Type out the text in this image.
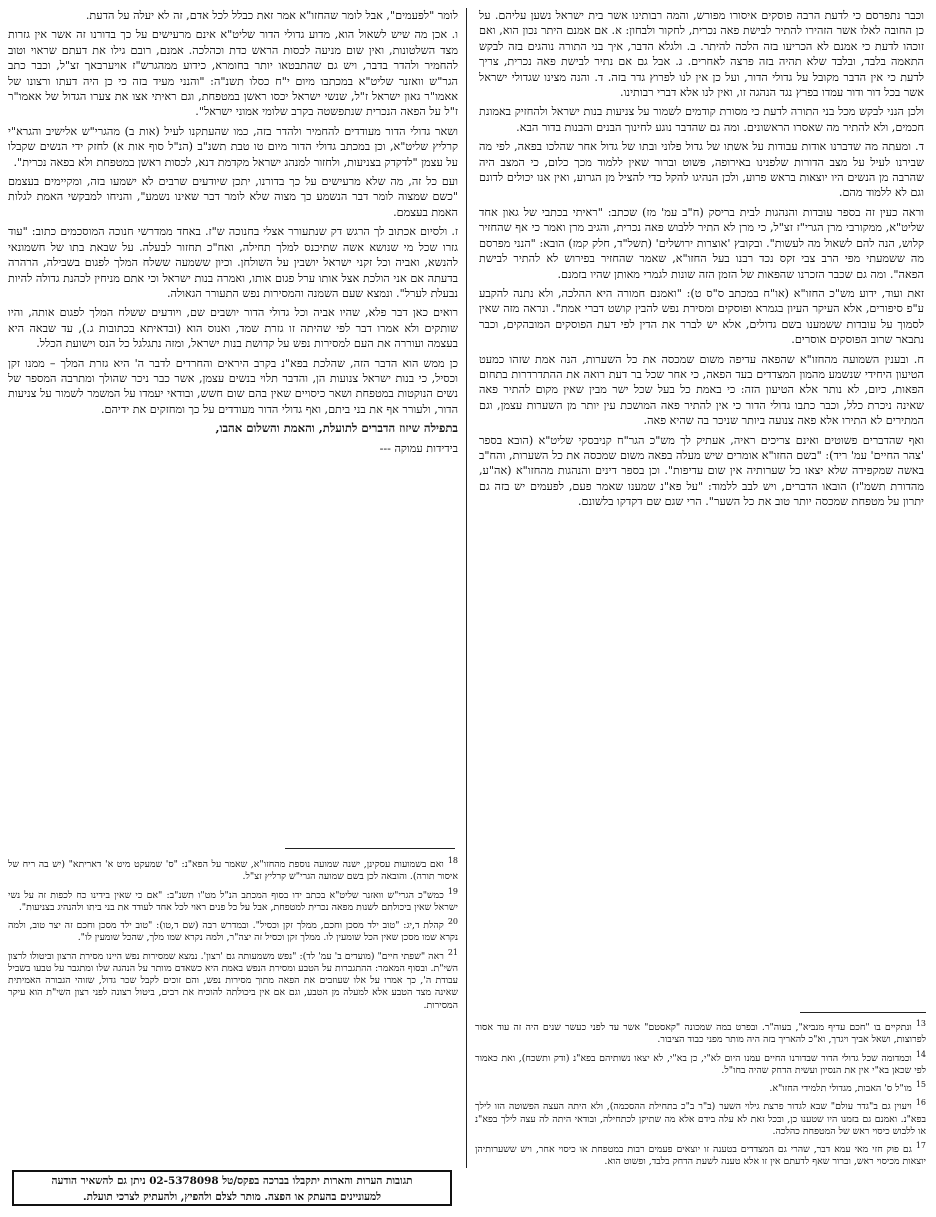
וכבר נתפרסם כי לדעת הרבה פוסקים איסורו מפורש, והמה רבותינו אשר בית ישראל נשען עליהם. על כן החובה לאלו אשר הזהירו להתיר לבישת פאה נכרית, לחקור ולבחון: א. אם אמנם היתר נכון הוא, ואם זוכהו לדעת כי אמנם לא הכריעו בזה הלכה להיתר. ב. ולגלא הדבר, איך בני התורה נוהגים בזה לבקש התאמה בלבד, ובלבד שלא תהיה בזה פרצה לאחרים. ג. אבל גם אם נתיר לבישת פאה נכרית, צריך לדעת כי אין הדבר מקובל על גדולי הדור, ועל כן אין לנו לפרוץ גדר בזה. ד. והנה מצינו שגדולי ישראל אשר בכל דור ודור עמדו בפרץ נגד הנהגה זו, ואין לנו אלא דברי רבותינו.

ולכן הנני לבקש מכל בני התורה לדעת כי מסורת קודמים לשמור על צניעות בנות ישראל ולהחזיק באמונת חכמים, ולא להתיר מה שאסרו הראשונים. ומה גם שהדבר נוגע לחינוך הבנים והבנות בדור הבא.

ד. ומעתה מה שדברנו אודות עבודות על אשתו של גדול פלוני ובתו של גדול אחר שהלכו בפאה, לפי מה שבירנו לעיל על מצב הדורות שלפנינו באירופה, פשוט וברור שאין ללמוד מכך כלום, כי המצב היה שהרבה מן הנשים היו יוצאות בראש פרוע, ולכן הנהיגו להקל כדי להציל מן הגרוע, ואין אנו יכולים לדונם וגם לא ללמוד מהם.

וראה כעין זה בספר עובדות והנהגות לבית בריסק (ח"ב עמ' מז) שכתב: "ראיתי בכתבי של גאון אחד שליט"א, ממקורבי מרן הגרי"ז זצ"ל, כי מרן לא התיר ללבוש פאה נכרית, והגיב מרן ואמר כי אף שהחזיר קלוש, הנה להם לשאול מה לעשות". ובקובץ 'אוצרות ירושלים' (תשל"ד, חלק קמז) הובא: "הנני מפרסם מה ששמעתי מפי הרב צבי זקס נכד רבנו בעל החזו"א, שאמר שהחזיר בפירוש לא להתיר לבישת הפאה". ומה גם שכבר הזכרנו שהפאות של הזמן הזה שונות לגמרי מאותן שהיו בזמנם.

זאת ועוד, ידוע מש"כ החזו"א (או"ח במכתב ס"ס ט): "ואמנם חמורה היא ההלכה, ולא נתנה להקבע ע"פ סיפורים, אלא העיקר העיון בגמרא ופוסקים ומסירת נפש להבין קושט דברי אמת". ונראה מזה שאין לסמוך על עובדות ששמענו בשם גדולים, אלא יש לברר את הדין לפי דעת הפוסקים המובהקים, וכבר נתבאר שרוב הפוסקים אוסרים.

ח. ובענין השמועה מהחזו"א שהפאה עדיפה משום שמכסה את כל השערות, הנה אמת שזהו כמעט הטיעון היחידי שנשמע מהמון המצדדים בעד הפאה, כי אחר שכל בר דעת רואה את ההתדרדרות בתחום הפאות, כיום, לא נותר אלא הטיעון הזה: כי באמת כל בעל שכל ישר מבין שאין מקום להתיר פאה שאינה ניכרת כלל, וכבר כתבו גדולי הדור כי אין להתיר פאה המושכת עין יותר מן השערות עצמן, וגם המתירים לא התירו אלא פאה צנועה ביותר שניכר בה שהיא פאה.

ואף שהדברים פשוטים ואינם צריכים ראיה, אעתיק לך מש"כ הגר"ח קניבסקי שליט"א (הובא בספר 'צהר החיים' עמ' ריד): "בשם החזו"א אומרים שיש מעלה בפאה משום שמכסה את כל השערות, והח"ב באשה שמקפידה שלא יצאו כל שערותיה אין שום עדיפות". וכן בספר דינים והנהגות מהחזו"א (אה"ע, מהדורת תשמ"ז) הובאו הדברים, ויש לבב ללמוד: "על פא"נ שמענו שאמר פעם, לפעמים יש בזה גם יתרון על מטפחת שמכסה יותר טוב את כל השער". הרי שגם שם דקדקו בלשונם.

לומר "לפעמים", אבל לומר שהחזו"א אמר זאת כבלל לכל אדם, זה לא יעלה על הדעת.

ו. אכן מה שיש לשאול הוא, מדוע גדולי הדור שליט"א אינם מרעישים על כך בדורנו זה אשר אין גזרות מצד השלטונות, ואין שום מניעה לכסות הראש כדת וכהלכה. אמנם, רובם גילו את דעתם שראוי וטוב להחמיר ולהדר בדבר, ויש גם שהתבטאו יותר בחומרא, כידוע ממהגרש"ז אויערבאך זצ"ל, וכבר כתב הגר"ש וואזנר שליט"א במכתבו מיום י"ח כסלו תשנ"ה: "והנני מעיד בזה כי כן היה דעתו ורצונו של אאמו"ר גאון ישראל ז"ל, שנשי ישראל יכסו ראשן במטפחת, וגם ראיתי אצו את צערו הגדול של אאמו"ר ז"ל על הפאה הנכרית שנתפשטה בקרב שלומי אמוני ישראל".

ושאר גדולי הדור מעודדים להחמיר ולהדר בזה, כמו שהעתקנו לעיל (אות ב) מהגרי"ש אלישיב והגרא"י קרליץ שליט"א, וכן במכתב גדולי הדור מיום טו טבת תשנ"ב (הנ"ל סוף אות א) לחזק ידי הנשים שקבלו על עצמן "לדקדק בצניעות, ולחזור למנהג ישראל מקדמת דנא, לכסות ראשן במטפחת ולא בפאה נכרית".

ועם כל זה, מה שלא מרעישים על כך בדורנו, יתכן שיודעים שרבים לא ישמעו בזה, ומקיימים בעצמם "כשם שמצוה לומר דבר הנשמע כך מצוה שלא לומר דבר שאינו נשמע", והניחו למבקשי האמת לגלות האמת בעצמם.

ז. ולסיום אכתוב לך הרגש דק שנתעורר אצלי בחנוכה ש"ז. באחד ממדרשי חנוכה המוסכמים כתוב: "עוד גזרו שכל מי שנושא אשה שתיכנס למלך תחילה, ואח"כ תחזור לבעלה. על שבאת בתו של חשמונאי להנשא, ואביה וכל זקני ישראל יושבין על השולחן. וכיון ששמעה ששלח המלך לפגום בשבילה, הרהרה בדעתה אם אני הולכת אצל אותו ערל פגום אותו, ואמרה בנות ישראל וכי אתם מניחין לכהנת גדולה להיות נבעלת לערל". ונמצא שעם השמנה והמסירות נפש התעורר הגאולה.

רואים כאן דבר פלא, שהיו אביה וכל גדולי הדור יושבים שם, ויודעים ששלח המלך לפגום אותה, והיו שותקים ולא אמרו דבר לפי שהיתה זו גזרת שמד, ואנוס הוא (ובדאיתא בכתובות ג.), עד שבאה היא בעצמה ועוררה את העם למסירות נפש על קדושת בנות ישראל, ומזה נתגלגל כל הנס וישועת הכלל.

כן ממש הוא הדבר הזה, שהלכת בפא"נ בקרב היראים והחרדים לדבר ה' היא גזרת המלך – ממנו זקן וכסיל, כי בנות ישראל צנועות הן, והדבר תלוי בנשים עצמן, אשר כבר ניכר שהולך ומתרבה המספר של נשים הנוקטות במטפחת ושאר כיסויים שאין בהם שום חשש, ובודאי יעמדו על המשמר לשמור על צניעות הדור, ולעורר אף את בני ביתם, ואף גדולי הדור מעודדים על כך ומחזקים את ידיהם.

בתפילה שיזוז הדברים לתועלת, והאמת והשלום אהבו,

בידידות עמוקה ---

18ואם בשמועות עסקינן, ישנה שמועה נוספת מהחזו"א, שאמר על הפא"נ: "ס' שמעקט מיט א' דאריתא" (יש בה ריח של איסור תורה). והובאה לכן בשם שמועה הגרי"ש קרליץ זצ"ל.

19כמש"כ הגרי"ש וואזנר שליט"א בכתב ידו בסוף המכתב הנ"ל מט"ו תשנ"ב: "אם כי שאין בידינו כח לכפות זה על נשי ישראל שאין ביכולתם לשנות מפאה נכרית למטפחת, אבל על כל פנים ראוי לכל אחד לעודד את בני ביתו ולהנהיג בצניעות".

20קהלת ד,יג: "טוב ילד מסכן וחכם, ממלך זקן וכסיל". ובמדרש רבה (שם ד,טו): "טוב ילד מסכן וחכם זה יצר טוב, ולמה נקרא שמו מסכן שאין הכל שומעין לו. ממלך זקן וכסיל זה יצה"ר, ולמה נקרא שמו מלך, שהכל שומעין לו".

21ראה "שפתי חיים" (מועדים ב' עמ' לד): "נפש משמעותה גם 'רצון'. נמצא שמסירות נפש היינו מסירת הרצון וביטולו לרצון השי"ת. ובסוף המאמר: ההתגברות על הטבע ומסירת הנפש באמת היא כשאדם מוותר על הנהגה שלו ומתגבר על טבעו בשביל עבודת ה', כך אמרו על אלו שעוזבים את הפאה מתוך מסירות נפש, והם זוכים לקבל שכר גדול, שזוהי הגבורה האמיתית שאינה מצד הטבע אלא למעלה מן הטבע, וגם אם אין ביכולתה להוכיח את רבים, ביטול רצונה לפני רצון השי"ת הוא עיקר המסירות.

13ונתקיים בו "חכם עדיף מנביא", בעוה"ר. ובפרט במה שמכונה "קאסטם" אשר עד לפני כעשר שנים היה זה עוד אסור לפרוצות, ושאל אביך ויגדך, וא"כ להאריך בזה היה מותר מפני כבוד הציבור.

14וכמדומה שכל גדולי הדור שבדורנו החיים עמנו היום לא"י, כן בא"י, לא יצאו נשותיהם בפא"נ (ודק ותשכח), ואת כאמור לפי שכאן בא"י אין את הנסיון ועשית הדחק שהיה בחו"ל.

15מו"ל ס' האבות, מגדולי תלמידי החזו"א.

16ויעוין גם ב"גדר עולם" שבא לגדור פרצת גילוי השער (ב"ר ב"כ בתחילת ההסכמה), ולא היתה העצה הפשוטה הזו לילך בפא"נ. ואמנם גם בזמנו היו שטענו כן, ובכל זאת לא עלה בידם אלא מה שתיקן לכתחילה, ובודאי היתה לה עצה לילך בפא"נ או ללבוש כיסוי ראש של המטפחת כהלכה.

17גם פוק חזי מאי עמא דבר, שהרי גם המצדדים בטענה זו יוצאים פעמים רבות במטפחת או כיסוי אחר, ויש ששערותיהן יוצאות מכיסוי ראש, וברור שאף לדעתם אין זו אלא טענה לשעת הדחק בלבד, ופשוט הוא.

תגובות הערות והארות יתקבלו בברכה בפקס/טל 02-5378098 ניתן גם להשאיר הודעה
למעוניינים בהעתק או הפצה. מותר לצלם ולהפיץ, ולהעתיק לצרכי תועלת.
